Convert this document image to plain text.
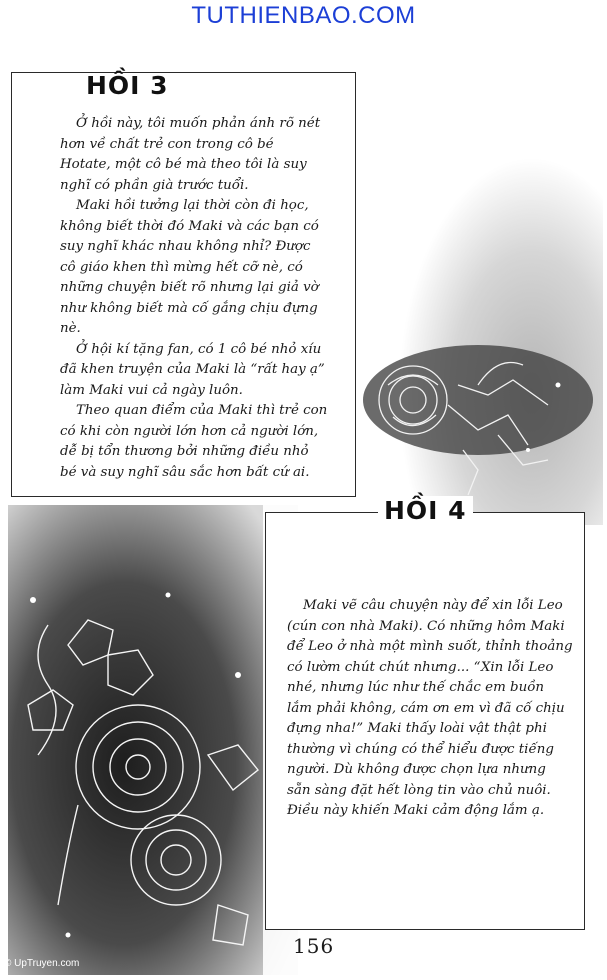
TUTHIENBAO.COM
HỒI 3
HỒI 4

Ở hồi này, tôi muốn phản ánh rõ nét hơn về chất trẻ con trong cô bé Hotate, một cô bé mà theo tôi là suy nghĩ có phần già trước tuổi.

Maki hồi tưởng lại thời còn đi học, không biết thời đó Maki và các bạn có suy nghĩ khác nhau không nhỉ? Được cô giáo khen thì mừng hết cỡ nè, có những chuyện biết rõ nhưng lại giả vờ như không biết mà cố gắng chịu đựng nè.

Ở hội kí tặng fan, có 1 cô bé nhỏ xíu đã khen truyện của Maki là “rất hay ạ” làm Maki vui cả ngày luôn.

Theo quan điểm của Maki thì trẻ con có khi còn người lớn hơn cả người lớn, dễ bị tổn thương bởi những điều nhỏ bé và suy nghĩ sâu sắc hơn bất cứ ai.

Maki vẽ câu chuyện này để xin lỗi Leo (cún con nhà Maki). Có những hôm Maki để Leo ở nhà một mình suốt, thỉnh thoảng có lườm chút chút nhưng... “Xin lỗi Leo nhé, nhưng lúc như thế chắc em buồn lắm phải không, cám ơn em vì đã cố chịu đựng nha!” Maki thấy loài vật thật phi thường vì chúng có thể hiểu được tiếng người. Dù không được chọn lựa nhưng sẵn sàng đặt hết lòng tin vào chủ nuôi. Điều này khiến Maki cảm động lắm ạ.

156
© UpTruyen.com
